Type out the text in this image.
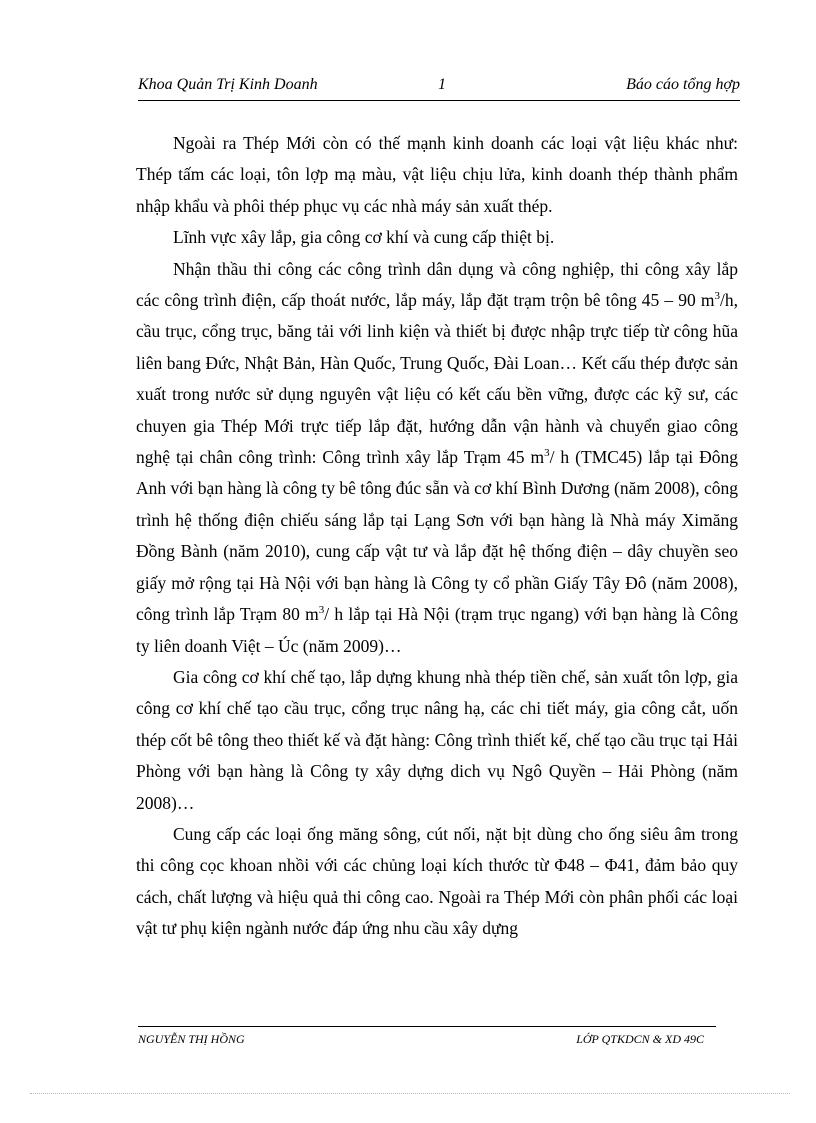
Khoa Quản Trị Kinh Doanh	1	Báo cáo tổng hợp

Ngoài ra Thép Mới còn có thế mạnh kinh doanh các loại vật liệu khác như: Thép tấm các loại, tôn lợp mạ màu, vật liệu chịu lửa, kinh doanh thép thành phẩm nhập khẩu và phôi thép phục vụ các nhà máy sản xuất thép.

Lĩnh vực xây lắp, gia công cơ khí và cung cấp thiệt bị.

Nhận thầu thi công các công trình dân dụng và công nghiệp, thi công xây lắp các công trình điện, cấp thoát nước, lắp máy, lắp đặt trạm trộn bê tông 45 – 90 $m^3/h$, cầu trục, cổng trục, băng tải với linh kiện và thiết bị được nhập trực tiếp từ công hũa liên bang Đức, Nhật Bản, Hàn Quốc, Trung Quốc, Đài Loan… Kết cấu thép được sản xuất trong nước sử dụng nguyên vật liệu có kết cấu bền vững, được các kỹ sư, các chuyen gia Thép Mới trực tiếp lắp đặt, hướng dẫn vận hành và chuyển giao công nghệ tại chân công trình: Công trình xây lắp Trạm 45 $m^3/$ h (TMC45) lắp tại Đông Anh với bạn hàng là công ty bê tông đúc sẵn và cơ khí Bình Dương (năm 2008), công trình hệ thống điện chiếu sáng lắp tại Lạng Sơn với bạn hàng là Nhà máy Ximăng Đồng Bành (năm 2010), cung cấp vật tư và lắp đặt hệ thống điện – dây chuyền seo giấy mở rộng tại Hà Nội với bạn hàng là Công ty cổ phần Giấy Tây Đô (năm 2008), công trình lắp Trạm 80 $m^3/$ h lắp tại Hà Nội (trạm trục ngang) với bạn hàng là Công ty liên doanh Việt – Úc (năm 2009)…

Gia công cơ khí chế tạo, lắp dựng khung nhà thép tiền chế, sản xuất tôn lợp, gia công cơ khí chế tạo cầu trục, cổng trục nâng hạ, các chi tiết máy, gia công cắt, uốn thép cốt bê tông theo thiết kế và đặt hàng: Công trình thiết kế, chế tạo cầu trục tại Hải Phòng với bạn hàng là Công ty xây dựng dich vụ Ngô Quyền – Hải Phòng (năm 2008)…

Cung cấp các loại ống măng sông, cút nối, nặt bịt dùng cho ống siêu âm trong thi công cọc khoan nhồi với các chủng loại kích thước từ Φ48 – Φ41, đảm bảo quy cách, chất lượng và hiệu quả thi công cao. Ngoài ra Thép Mới còn phân phối các loại vật tư phụ kiện ngành nước đáp ứng nhu cầu xây dựng

NGUYỄN THỊ HỒNG	LỚP QTKDCN & XD 49C
